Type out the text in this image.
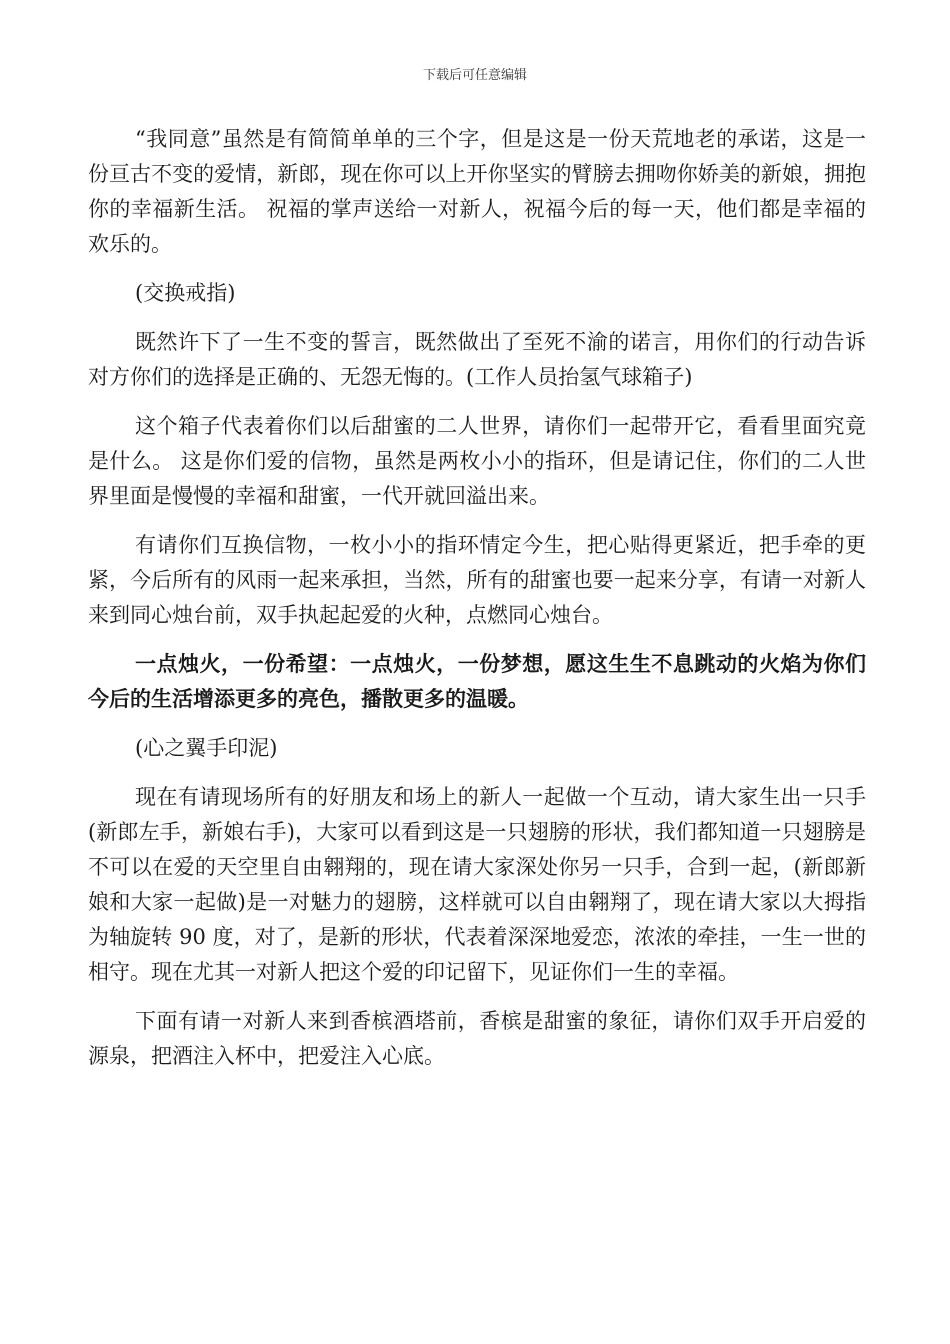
下载后可任意编辑

“我同意”虽然是有简简单单的三个字，但是这是一份天荒地老的承诺，这是一份亘古不变的爱情，新郎，现在你可以上开你坚实的臂膀去拥吻你娇美的新娘，拥抱你的幸福新生活。 祝福的掌声送给一对新人，祝福今后的每一天，他们都是幸福的欢乐的。

(交换戒指)

既然许下了一生不变的誓言，既然做出了至死不渝的诺言，用你们的行动告诉对方你们的选择是正确的、无怨无悔的。(工作人员抬氢气球箱子)

这个箱子代表着你们以后甜蜜的二人世界，请你们一起带开它，看看里面究竟是什么。 这是你们爱的信物，虽然是两枚小小的指环，但是请记住，你们的二人世界里面是慢慢的幸福和甜蜜，一代开就回溢出来。

有请你们互换信物，一枚小小的指环情定今生，把心贴得更紧近，把手牵的更紧，今后所有的风雨一起来承担，当然，所有的甜蜜也要一起来分享，有请一对新人来到同心烛台前，双手执起起爱的火种，点燃同心烛台。

一点烛火，一份希望：一点烛火，一份梦想，愿这生生不息跳动的火焰为你们今后的生活增添更多的亮色，播散更多的温暖。

(心之翼手印泥)

现在有请现场所有的好朋友和场上的新人一起做一个互动，请大家生出一只手(新郎左手，新娘右手)，大家可以看到这是一只翅膀的形状，我们都知道一只翅膀是不可以在爱的天空里自由翱翔的，现在请大家深处你另一只手，合到一起，(新郎新娘和大家一起做)是一对魅力的翅膀，这样就可以自由翱翔了，现在请大家以大拇指为轴旋转 90 度，对了，是新的形状，代表着深深地爱恋，浓浓的牵挂，一生一世的相守。现在尤其一对新人把这个爱的印记留下，见证你们一生的幸福。

下面有请一对新人来到香槟酒塔前，香槟是甜蜜的象征，请你们双手开启爱的源泉，把酒注入杯中，把爱注入心底。
